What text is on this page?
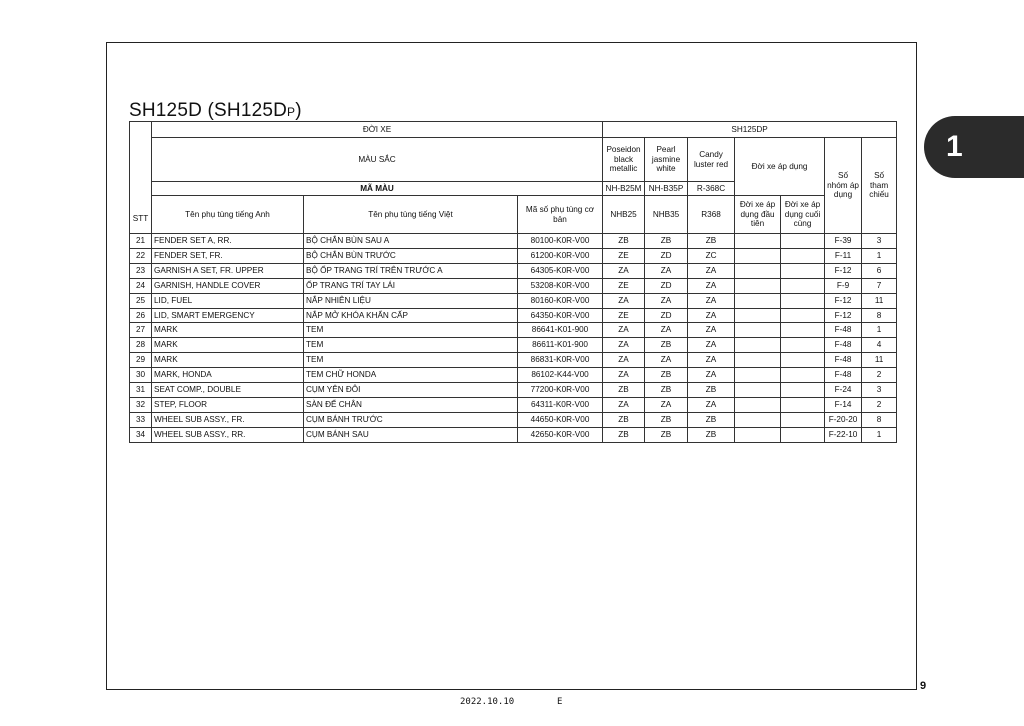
SH125D (SH125DP)
1
STT	ĐỜI XE			SH125DP						
	MÀU SẮC			Poseidon black metallic	Pearl jasmine white	Candy luster red	Đời xe áp dụng		Số nhóm áp dụng	Số tham chiếu
	MÃ MÀU			NH-B25M	NH-B35P	R-368C				
	Tên phụ tùng tiếng Anh	Tên phụ tùng tiếng Việt	Mã số phụ tùng cơ bản	NHB25	NHB35	R368	Đời xe áp dụng đầu tiên	Đời xe áp dụng cuối cùng		
21	FENDER SET A, RR.	BỘ CHẮN BÙN SAU A	80100-K0R-V00	ZB	ZB	ZB			F-39	3
22	FENDER SET, FR.	BỘ CHẮN BÙN TRƯỚC	61200-K0R-V00	ZE	ZD	ZC			F-11	1
23	GARNISH A SET, FR. UPPER	BỘ ỐP TRANG TRÍ TRÊN TRƯỚC A	64305-K0R-V00	ZA	ZA	ZA			F-12	6
24	GARNISH, HANDLE COVER	ỐP TRANG TRÍ TAY LÁI	53208-K0R-V00	ZE	ZD	ZA			F-9	7
25	LID, FUEL	NẮP NHIÊN LIỆU	80160-K0R-V00	ZA	ZA	ZA			F-12	11
26	LID, SMART EMERGENCY	NẮP MỞ KHÓA KHẨN CẤP	64350-K0R-V00	ZE	ZD	ZA			F-12	8
27	MARK	TEM	86641-K01-900	ZA	ZA	ZA			F-48	1
28	MARK	TEM	86611-K01-900	ZA	ZB	ZA			F-48	4
29	MARK	TEM	86831-K0R-V00	ZA	ZA	ZA			F-48	11
30	MARK, HONDA	TEM CHỮ HONDA	86102-K44-V00	ZA	ZB	ZA			F-48	2
31	SEAT COMP., DOUBLE	CỤM YÊN ĐÔI	77200-K0R-V00	ZB	ZB	ZB			F-24	3
32	STEP, FLOOR	SÀN ĐỂ CHÂN	64311-K0R-V00	ZA	ZA	ZA			F-14	2
33	WHEEL SUB ASSY., FR.	CỤM BÁNH TRƯỚC	44650-K0R-V00	ZB	ZB	ZB			F-20-20	8
34	WHEEL SUB ASSY., RR.	CỤM BÁNH SAU	42650-K0R-V00	ZB	ZB	ZB			F-22-10	1
9
2022.10.10	E
